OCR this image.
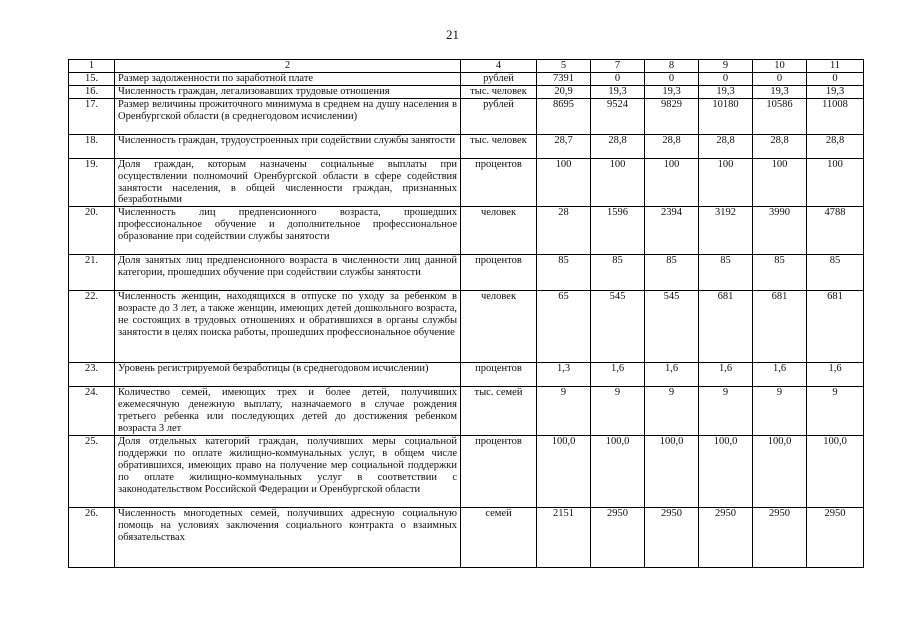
21
1	2	4	5	7	8	9	10	11
15.	Размер задолженности по заработной плате	рублей	7391	0	0	0	0	0
16.	Численность граждан, легализовавших трудовые отношения	тыс. человек	20,9	19,3	19,3	19,3	19,3	19,3
17.	Размер величины прожиточного минимума в среднем на душу населения в Оренбургской области (в среднегодовом исчислении)	рублей	8695	9524	9829	10180	10586	11008
18.	Численность граждан, трудоустроенных при содействии службы занятости	тыс. человек	28,7	28,8	28,8	28,8	28,8	28,8
19.	Доля граждан, которым назначены социальные выплаты при осуществлении полномочий Оренбургской области в сфере содействия занятости населения, в общей численности граждан, признанных безработными	процентов	100	100	100	100	100	100
20.	Численность лиц предпенсионного возраста, прошедших профессиональное обучение и дополнительное профессиональное образование при содействии службы занятости	человек	28	1596	2394	3192	3990	4788
21.	Доля занятых лиц предпенсионного возраста в численности лиц данной категории, прошедших обучение при содействии службы занятости	процентов	85	85	85	85	85	85
22.	Численность женщин, находящихся в отпуске по уходу за ребенком в возрасте до 3 лет, а также женщин, имеющих детей дошкольного возраста, не состоящих в трудовых отношениях и обратившихся в органы службы занятости в целях поиска работы, прошедших профессиональное обучение	человек	65	545	545	681	681	681
23.	Уровень регистрируемой безработицы (в среднегодовом исчислении)	процентов	1,3	1,6	1,6	1,6	1,6	1,6
24.	Количество семей, имеющих трех и более детей, получивших ежемесячную денежную выплату, назначаемого в случае рождения третьего ребенка или последующих детей до достижения ребенком возраста 3 лет	тыс. семей	9	9	9	9	9	9
25.	Доля отдельных категорий граждан, получивших меры социальной поддержки по оплате жилищно-коммунальных услуг, в общем числе обратившихся, имеющих право на получение мер социальной поддержки по оплате жилищно-коммунальных услуг в соответствии с законодательством Российской Федерации и Оренбургской области	процентов	100,0	100,0	100,0	100,0	100,0	100,0
26.	Численность многодетных семей, получивших адресную социальную помощь на условиях заключения социального контракта о взаимных обязательствах	семей	2151	2950	2950	2950	2950	2950
